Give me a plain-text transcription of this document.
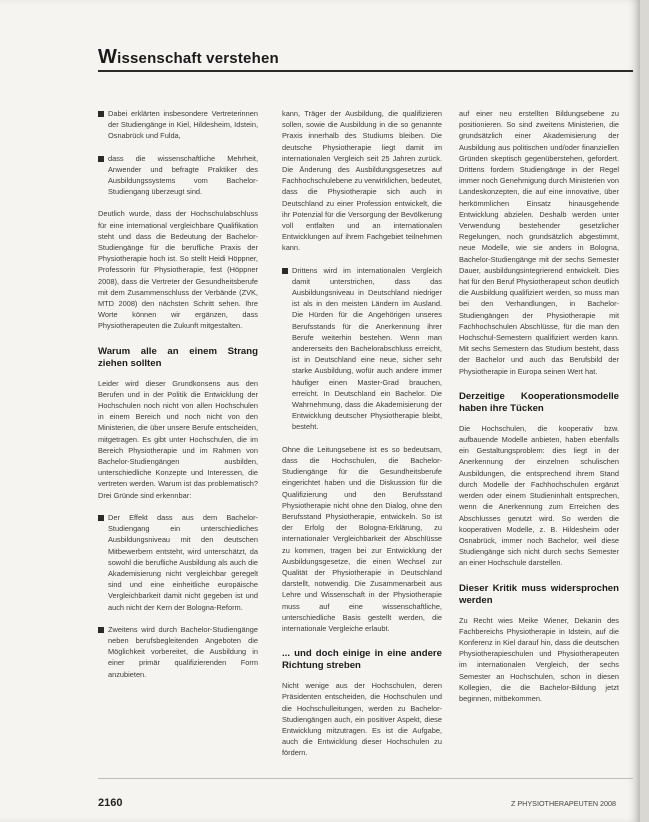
Wissenschaft verstehen

Dabei erklärten insbesondere Vertreterinnen der Studiengänge in Kiel, Hildesheim, Idstein, Osnabrück und Fulda,

dass die wissenschaftliche Mehrheit, Anwender und befragte Praktiker des Ausbildungssystems vom Bachelor-Studiengang überzeugt sind.

Deutlich wurde, dass der Hochschulabschluss für eine international vergleichbare Qualifikation steht und dass die Bedeutung der Bachelor-Studiengänge für die berufliche Praxis der Physiotherapie hoch ist. So stellt Heidi Höppner, Professorin für Physiotherapie, fest (Höppner 2008), dass die Vertreter der Gesundheitsberufe mit dem Zusammenschluss der Verbände (ZVK, MTD 2008) den nächsten Schritt sehen. Ihre Worte können wir ergänzen, dass Physiotherapeuten die Zukunft mitgestalten.

Warum alle an einem Strang ziehen sollten

Leider wird dieser Grundkonsens aus den Berufen und in der Politik die Entwicklung der Hochschulen noch nicht von allen Hochschulen in einem Bereich und noch nicht von den Ministerien, die über unsere Berufe entscheiden, mitgetragen. Es gibt unter Hochschulen, die im Bereich Physiotherapie und im Rahmen von Bachelor-Studiengängen ausbilden, unterschiedliche Konzepte und Interessen, die vertreten werden. Warum ist das problematisch? Drei Gründe sind erkennbar:

Der Effekt dass aus dem Bachelor-Studiengang ein unterschiedliches Ausbildungsniveau mit den deutschen Mitbewerbern entsteht, wird unterschätzt, da sowohl die berufliche Ausbildung als auch die Akademisierung nicht vergleichbar geregelt sind und eine einheitliche europäische Vergleichbarkeit damit nicht gegeben ist und auch nicht der Kern der Bologna-Reform.

Zweitens wird durch Bachelor-Studiengänge neben berufsbegleitenden Angeboten die Möglichkeit vorbereitet, die Ausbildung in einer primär qualifizierenden Form anzubieten.

kann, Träger der Ausbildung, die qualifizieren sollen, sowie die Ausbildung in die so genannte Praxis innerhalb des Studiums bleiben. Die deutsche Physiotherapie liegt damit im internationalen Vergleich seit 25 Jahren zurück. Die Änderung des Ausbildungsgesetzes auf Fachhochschulebene zu verwirklichen, bedeutet, dass die Physiotherapie sich auch in Deutschland zu einer Profession entwickelt, die ihr Potenzial für die Versorgung der Bevölkerung voll entfalten und an internationalen Entwicklungen auf ihrem Fachgebiet teilnehmen kann.

Drittens wird im internationalen Vergleich damit unterstrichen, dass das Ausbildungsniveau in Deutschland niedriger ist als in den meisten Ländern im Ausland. Die Hürden für die Angehörigen unseres Berufsstands für die Anerkennung ihrer Berufe weiterhin bestehen. Wenn man andererseits den Bachelorabschluss erreicht, ist in Deutschland eine neue, sicher sehr starke Ausbildung, wofür auch andere immer häufiger einen Master-Grad brauchen, erreicht. In Deutschland ein Bachelor. Die Wahrnehmung, dass die Akademisierung der Entwicklung deutscher Physiotherapie bleibt, besteht.

Ohne die Leitungsebene ist es so bedeutsam, dass die Hochschulen, die Bachelor-Studiengänge für die Gesundheitsberufe eingerichtet haben und die Diskussion für die Qualifizierung und den Berufsstand Physiotherapie nicht ohne den Dialog, ohne den Berufsstand Physiotherapie, entwickeln. So ist der Erfolg der Bologna-Erklärung, zu internationaler Vergleichbarkeit der Abschlüsse zu kommen, tragen bei zur Entwicklung der Ausbildungsgesetze, die einen Wechsel zur Qualität der Physiotherapie in Deutschland darstellt, notwendig. Die Zusammenarbeit aus Lehre und Wissenschaft in der Physiotherapie muss auf eine wissenschaftliche, unterschiedliche Basis gestellt werden, die internationale Vergleiche erlaubt.

... und doch einige in eine andere Richtung streben

Nicht wenige aus der Hochschulen, deren Präsidenten entscheiden, die Hochschulen und die Hochschulleitungen, werden zu Bachelor-Studiengängen auch, ein positiver Aspekt, diese Entwicklung mitzutragen. Es ist die Aufgabe, auch die Entwicklung dieser Hochschulen zu fördern.

auf einer neu erstellten Bildungsebene zu positionieren. So sind zweitens Ministerien, die grundsätzlich einer Akademisierung der Ausbildung aus politischen und/oder finanziellen Gründen skeptisch gegenüberstehen, gefordert. Drittens fordern Studiengänge in der Regel immer noch Genehmigung durch Ministerien von Landeskonzepten, die auf eine innovative, über herkömmlichen Einsatz hinausgehende Entwicklung abzielen. Deshalb werden unter Verwendung bestehender gesetzlicher Regelungen, noch grundsätzlich abgestimmt, neue Modelle, wie sie anders in Bologna, Bachelor-Studiengänge mit der sechs Semester Dauer, ausbildungsintegrierend entwickelt. Dies hat für den Beruf Physiotherapeut schon deutlich die Ausbildung qualifiziert werden, so muss man bei den Verhandlungen, in Bachelor-Studiengängen der Physiotherapie mit Fachhochschulen Abschlüsse, für die man den Hochschul-Semestern qualifiziert werden kann. Mit sechs Semestern das Studium besteht, dass der Bachelor und auch das Berufsbild der Physiotherapie in Europa seinen Wert hat.

Derzeitige Kooperationsmodelle haben ihre Tücken

Die Hochschulen, die kooperativ bzw. aufbauende Modelle anbieten, haben ebenfalls ein Gestaltungsproblem: dies liegt in der Anerkennung der einzelnen schulischen Ausbildungen, die entsprechend ihrem Stand durch Modelle der Fachhochschulen ergänzt werden oder einem Studieninhalt entsprechen, wenn die Anerkennung zum Erreichen des Abschlusses genutzt wird. So werden die kooperativen Modelle, z. B. Hildesheim oder Osnabrück, immer noch Bachelor, weil diese Studiengänge sich nicht durch sechs Semester an einer Hochschule darstellen.

Dieser Kritik muss widersprochen werden

Zu Recht wies Meike Wiener, Dekanin des Fachbereichs Physiotherapie in Idstein, auf die Konferenz in Kiel darauf hin, dass die deutschen Physiotherapieschulen und Physiotherapeuten im internationalen Vergleich, der sechs Semester an Hochschulen, schon in diesen Kollegien, die die Bachelor-Bildung jetzt beginnen, mitbekommen.

2160	Z PHYSIOTHERAPEUTEN 2008
